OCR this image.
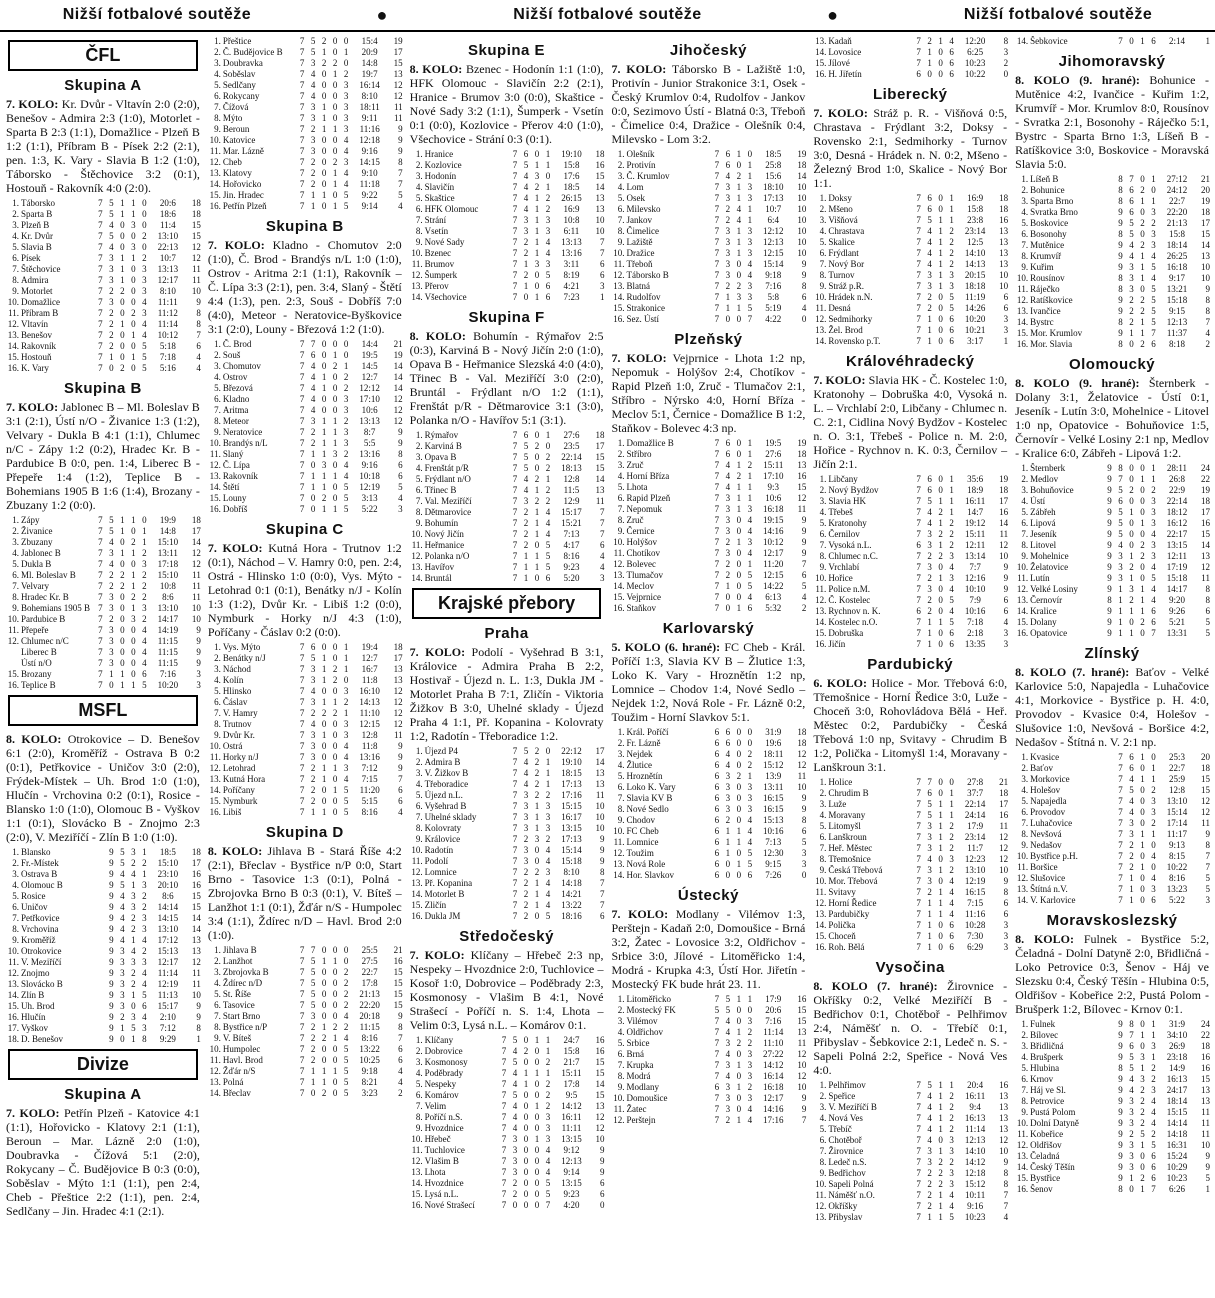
Nižší fotbalové soutěže	●	Nižší fotbalové soutěže	●	Nižší fotbalové soutěže
ČFL
Skupina A
7. KOLO: Kr. Dvůr - Vltavín 2:0 (2:0), Benešov - Admira 2:3 (1:0), Motorlet - Sparta B 2:3 (1:1), Domažlice - Plzeň B 1:2 (1:1), Příbram B - Písek 2:2 (2:1), pen. 1:3, K. Vary - Slavia B 1:2 (1:0), Táborsko - Štěchovice 3:2 (0:1), Hostouň - Rakovník 4:0 (2:0).
1.	Táborsko	7	5	1	1	0	20:6	18
2.	Sparta B	7	5	1	1	0	18:6	18
3.	Plzeň B	7	4	0	3	0	11:4	15
4.	Kr. Dvůr	7	5	0	0	2	13:10	15
5.	Slavia B	7	4	0	3	0	22:13	12
6.	Písek	7	3	1	1	2	10:7	12
7.	Štěchovice	7	3	1	0	3	13:13	11
8.	Admira	7	3	1	0	3	12:17	11
9.	Motorlet	7	2	2	0	3	8:10	10
10.	Domažlice	7	3	0	0	4	11:11	9
11.	Příbram B	7	2	0	2	3	11:12	8
12.	Vltavín	7	2	1	0	4	11:14	8
13.	Benešov	7	2	0	1	4	10:12	7
14.	Rakovník	7	2	0	0	5	5:18	6
15.	Hostouň	7	1	0	1	5	7:18	4
16.	K. Vary	7	0	2	0	5	5:16	4
Skupina B
7. KOLO: Jablonec B – Ml. Boleslav B 3:1 (2:1), Ústí n/O - Živanice 1:3 (1:2), Velvary - Dukla B 4:1 (1:1), Chlumec n/C - Zápy 1:2 (0:2), Hradec Kr. B - Pardubice B 0:0, pen. 1:4, Liberec B - Přepeře 1:4 (1:2), Teplice B - Bohemians 1905 B 1:6 (1:4), Brozany - Zbuzany 1:2 (0:0).
1.	Zápy	7	5	1	1	0	19:9	18
2.	Živanice	7	5	1	0	1	14:8	17
3.	Zbuzany	7	4	0	2	1	15:10	14
4.	Jablonec B	7	3	1	1	2	13:11	12
5.	Dukla B	7	4	0	0	3	17:18	12
6.	Ml. Boleslav B	7	2	2	1	2	15:10	11
7.	Velvary	7	2	2	1	2	10:8	11
8.	Hradec Kr. B	7	3	0	2	2	8:6	11
9.	Bohemians 1905 B	7	3	0	1	3	13:10	10
10.	Pardubice B	7	2	0	3	2	14:17	10
11.	Přepeře	7	3	0	0	4	14:19	9
12.	Chlumec n/C	7	3	0	0	4	11:15	9
	Liberec B	7	3	0	0	4	11:15	9
	Ústí n/O	7	3	0	0	4	11:15	9
15.	Brozany	7	1	1	0	6	7:16	3
16.	Teplice B	7	0	1	1	5	10:20	3
MSFL
8. KOLO: Otrokovice – D. Benešov 6:1 (2:0), Kroměříž - Ostrava B 0:2 (0:1), Petřkovice - Uničov 3:0 (2:0), Frýdek-Místek – Uh. Brod 1:0 (1:0), Hlučín - Vrchovina 0:2 (0:1), Rosice - Blansko 1:0 (1:0), Olomouc B - Vyškov 1:1 (0:1), Slovácko B - Znojmo 2:3 (2:0), V. Meziříčí - Zlín B 1:0 (1:0).
1.	Blansko	9	5	3	1	18:5	18
2.	Fr.-Místek	9	5	2	2	15:10	17
3.	Ostrava B	9	4	4	1	23:10	16
4.	Olomouc B	9	5	1	3	20:10	16
5.	Rosice	9	4	3	2	8:6	15
6.	Uničov	9	4	3	2	14:14	15
7.	Petřkovice	9	4	2	3	14:15	14
8.	Vrchovina	9	4	2	3	13:10	14
9.	Kroměříž	9	4	1	4	17:12	13
10.	Otrokovice	9	3	4	2	15:13	13
11.	V. Meziříčí	9	3	3	3	12:17	12
12.	Znojmo	9	3	2	4	11:14	11
13.	Slovácko B	9	3	2	4	12:19	11
14.	Zlín B	9	3	1	5	11:13	10
15.	Uh. Brod	9	3	0	6	15:17	9
16.	Hlučín	9	2	3	4	2:10	9
17.	Vyškov	9	1	5	3	7:12	8
18.	D. Benešov	9	0	1	8	9:29	1
Divize
Skupina A
7. KOLO: Petřín Plzeň - Katovice 4:1 (1:1), Hořovicko - Klatovy 2:1 (1:1), Beroun – Mar. Lázně 2:0 (1:0), Doubravka - Čížová 5:1 (2:0), Rokycany – Č. Budějovice B 0:3 (0:0), Soběslav - Mýto 1:1 (1:1), pen 2:4, Cheb - Přeštice 2:2 (1:1), pen. 2:4, Sedlčany – Jin. Hradec 4:1 (2:1).
1.	Přeštice	7	5	2	0	0	15:4	19
2.	Č. Budějovice B	7	5	1	0	1	20:9	17
3.	Doubravka	7	3	2	2	0	14:8	15
4.	Soběslav	7	4	0	1	2	19:7	13
5.	Sedlčany	7	4	0	0	3	16:14	12
6.	Rokycany	7	4	0	0	3	8:10	12
7.	Čížová	7	3	1	0	3	18:11	11
8.	Mýto	7	3	1	0	3	9:11	11
9.	Beroun	7	2	1	1	3	11:16	9
10.	Katovice	7	3	0	0	4	12:18	9
11.	Mar. Lázně	7	3	0	0	4	9:16	9
12.	Cheb	7	2	0	2	3	14:15	8
13.	Klatovy	7	2	0	1	4	9:10	7
14.	Hořovicko	7	2	0	1	4	11:18	7
15.	Jin. Hradec	7	1	1	0	5	9:22	5
16.	Petřín Plzeň	7	1	0	1	5	9:14	4
Skupina B
7. KOLO: Kladno - Chomutov 2:0 (1:0), Č. Brod - Brandýs n/L 1:0 (1:0), Ostrov - Aritma 2:1 (1:1), Rakovník – Č. Lípa 3:3 (2:1), pen. 3:4, Slaný - Štětí 4:4 (1:3), pen. 2:3, Souš - Dobříš 7:0 (4:0), Meteor - Neratovice-Byškovice 3:1 (2:0), Louny - Březová 1:2 (1:0).
1.	Č. Brod	7	7	0	0	0	14:4	21
2.	Souš	7	6	0	1	0	19:5	19
3.	Chomutov	7	4	0	2	1	14:5	14
4.	Ostrov	7	4	1	0	2	12:7	14
5.	Březová	7	4	1	0	2	12:12	14
6.	Kladno	7	4	0	0	3	17:10	12
7.	Aritma	7	4	0	0	3	10:6	12
8.	Meteor	7	3	1	1	2	13:13	12
9.	Neratovice	7	2	1	1	3	8:7	9
10.	Brandýs n/L	7	2	1	1	3	5:5	9
11.	Slaný	7	1	1	3	2	13:16	8
12.	Č. Lípa	7	0	3	0	4	9:16	6
13.	Rakovník	7	1	1	1	4	10:18	6
14.	Štětí	7	1	1	0	5	12:19	5
15.	Louny	7	0	2	0	5	3:13	4
16.	Dobříš	7	0	1	1	5	5:22	3
Skupina C
7. KOLO: Kutná Hora - Trutnov 1:2 (0:1), Náchod – V. Hamry 0:0, pen. 2:4, Ostrá - Hlinsko 1:0 (0:0), Vys. Mýto - Letohrad 0:1 (0:1), Benátky n/J - Kolín 1:3 (1:2), Dvůr Kr. - Libiš 1:2 (0:0), Nymburk - Horky n/J 4:3 (1:0), Poříčany - Čáslav 0:2 (0:0).
1.	Vys. Mýto	7	6	0	0	1	19:4	18
2.	Benátky n/J	7	5	1	0	1	12:7	17
3.	Náchod	7	3	1	2	1	16:7	13
4.	Kolín	7	3	1	2	0	11:8	13
5.	Hlinsko	7	4	0	0	3	16:10	12
6.	Čáslav	7	3	1	1	2	14:13	12
7.	V. Hamry	7	2	2	2	1	11:10	12
8.	Trutnov	7	4	0	0	3	12:15	12
9.	Dvůr Kr.	7	3	1	0	3	12:8	11
10.	Ostrá	7	3	0	0	4	11:8	9
11.	Horky n/J	7	3	0	0	4	13:16	9
12.	Letohrad	7	2	1	1	3	7:12	9
13.	Kutná Hora	7	2	1	0	4	7:15	7
14.	Poříčany	7	2	0	1	5	11:20	6
15.	Nymburk	7	2	0	0	5	5:15	6
16.	Libiš	7	1	1	0	5	8:16	4
Skupina D
8. KOLO: Jihlava B - Stará Říše 4:2 (2:1), Břeclav - Bystřice n/P 0:0, Start Brno - Tasovice 1:3 (0:1), Polná - Zbrojovka Brno B 0:3 (0:1), V. Bíteš – Lanžhot 1:1 (0:1), Žďár n/S - Humpolec 3:4 (1:1), Ždírec n/D – Havl. Brod 2:0 (1:0).
1.	Jihlava B	7	7	0	0	0	25:5	21
2.	Lanžhot	7	5	1	1	0	27:5	16
3.	Zbrojovka B	7	5	0	0	2	22:7	15
4.	Ždírec n/D	7	5	0	0	2	17:8	15
5.	St. Říše	7	5	0	0	2	21:13	15
6.	Tasovice	7	5	0	0	2	22:20	15
7.	Start Brno	7	3	0	0	4	20:18	9
8.	Bystřice n/P	7	2	1	2	2	11:15	8
9.	V. Bíteš	7	2	2	1	4	8:16	7
10.	Humpolec	7	2	0	0	5	13:22	6
11.	Havl. Brod	7	2	0	0	5	10:25	6
12.	Žďár n/S	7	1	1	1	5	9:18	4
13.	Polná	7	1	1	0	5	8:21	4
14.	Břeclav	7	0	2	0	5	3:23	2
Skupina E
8. KOLO: Bzenec - Hodonín 1:1 (1:0), HFK Olomouc - Slavičín 2:2 (2:1), Hranice - Brumov 3:0 (0:0), Skaštice - Nové Sady 3:2 (1:1), Šumperk - Vsetín 0:1 (0:0), Kozlovice - Přerov 4:0 (1:0), Všechovice - Strání 0:3 (0:1).
1.	Hranice	7	6	0	1	19:10	18
2.	Kozlovice	7	5	1	1	15:8	16
3.	Hodonín	7	4	3	0	17:6	15
4.	Slavičín	7	4	2	1	18:5	14
5.	Skaštice	7	4	1	2	26:15	13
6.	HFK Olomouc	7	4	1	2	16:9	13
7.	Strání	7	3	1	3	10:8	10
8.	Vsetín	7	3	1	3	6:11	10
9.	Nové Sady	7	2	1	4	13:13	7
10.	Bzenec	7	2	1	4	13:16	7
11.	Brumov	7	1	3	3	3:11	6
12.	Šumperk	7	2	0	5	8:19	6
13.	Přerov	7	1	0	6	4:21	3
14.	Všechovice	7	0	1	6	7:23	1
Skupina F
8. KOLO: Bohumín - Rýmařov 2:5 (0:3), Karviná B - Nový Jičín 2:0 (1:0), Opava B - Heřmanice Slezská 4:0 (4:0), Třinec B - Val. Meziříčí 3:0 (2:0), Bruntál - Frýdlant n/O 1:2 (1:1), Frenštát p/R - Dětmarovice 3:1 (3:0), Polanka n/O - Havířov 5:1 (3:1).
1.	Rýmařov	7	6	0	1	27:6	18
2.	Karviná B	7	5	2	0	23:5	17
3.	Opava B	7	5	0	2	22:14	15
4.	Frenštát p/R	7	5	0	2	18:13	15
5.	Frýdlant n/O	7	4	2	1	12:8	14
6.	Třinec B	7	4	1	2	11:5	13
7.	Val. Meziříčí	7	3	2	2	12:9	11
8.	Dětmarovice	7	2	1	4	15:17	7
9.	Bohumín	7	2	1	4	15:21	7
10.	Nový Jičín	7	2	1	4	7:13	7
11.	Heřmanice	7	2	0	5	4:17	6
12.	Polanka n/O	7	1	1	5	8:16	4
13.	Havířov	7	1	1	5	9:23	4
14.	Bruntál	7	1	0	6	5:20	3
Krajské přebory
Praha
7. KOLO: Podolí - Vyšehrad B 3:1, Královice - Admira Praha B 2:2, Hostivař - Újezd n. L. 1:3, Dukla JM - Motorlet Praha B 7:1, Zličín - Viktoria Žižkov B 3:0, Uhelné sklady - Újezd Praha 4 1:1, Př. Kopanina - Kolovraty 1:2, Radotín - Třeboradice 1:2.
1.	Újezd P4	7	5	2	0	22:12	17
2.	Admira B	7	4	2	1	19:10	14
3.	V. Žižkov B	7	4	2	1	18:15	13
4.	Třeboradice	7	4	2	1	17:13	13
5.	Újezd n.L.	7	3	2	2	17:16	11
6.	Vyšehrad B	7	3	1	3	15:15	10
7.	Uhelné sklady	7	3	1	3	16:17	10
8.	Kolovraty	7	3	1	3	13:15	10
9.	Královice	7	2	3	2	17:13	9
10.	Radotín	7	3	0	4	15:14	9
11.	Podolí	7	3	0	4	15:18	9
12.	Lomnice	7	2	2	3	8:10	8
13.	Př. Kopanina	7	2	1	4	14:18	7
14.	Motorlet B	7	2	1	4	14:21	7
15.	Zličín	7	2	1	4	13:22	7
16.	Dukla JM	7	2	0	5	18:16	6
Středočeský
7. KOLO: Klíčany – Hřebeč 2:3 np, Nespeky – Hvozdnice 2:0, Tuchlovice – Kosoř 1:0, Dobrovice – Poděbrady 2:3, Kosmonosy - Vlašim B 4:1, Nové Strašecí - Poříčí n. S. 1:4, Lhota – Velim 0:3, Lysá n.L. – Komárov 0:1.
1.	Klíčany	7	5	0	1	1	24:7	16
2.	Dobrovice	7	4	2	0	1	15:8	16
3.	Kosmonosy	7	5	0	0	2	21:7	15
4.	Poděbrady	7	4	1	1	1	15:11	15
5.	Nespeky	7	4	1	0	2	17:8	14
6.	Komárov	7	5	0	0	2	9:5	15
7.	Velim	7	4	0	1	2	14:12	13
8.	Poříčí n.S.	7	4	0	0	3	16:11	12
9.	Hvozdnice	7	4	0	0	3	11:11	12
10.	Hřebeč	7	3	0	1	3	13:15	10
11.	Tuchlovice	7	3	0	0	4	9:12	9
12.	Vlašim B	7	3	0	0	4	12:13	9
13.	Lhota	7	3	0	0	4	9:14	9
14.	Hvozdnice	7	2	0	0	5	13:15	6
15.	Lysá n.L.	7	2	0	0	5	9:23	6
16.	Nové Strašecí	7	0	0	0	7	4:20	0
Jihočeský
7. KOLO: Táborsko B - Lažiště 1:0, Protivín - Junior Strakonice 3:1, Osek - Český Krumlov 0:4, Rudolfov - Jankov 0:0, Sezimovo Ústí - Blatná 0:3, Třeboň - Čimelice 0:4, Dražice - Olešník 0:4, Milevsko - Lom 3:2.
1.	Olešník	7	6	1	0	18:5	19
2.	Protivín	7	6	0	1	25:8	18
3.	Č. Krumlov	7	4	2	1	15:6	14
4.	Lom	7	3	1	3	18:10	10
5.	Osek	7	3	1	3	17:13	10
6.	Milevsko	7	2	4	1	10:7	10
7.	Jankov	7	2	4	1	6:4	10
8.	Čimelice	7	3	1	3	12:12	10
9.	Lažiště	7	3	1	3	12:13	10
10.	Dražice	7	3	1	3	12:15	10
11.	Třeboň	7	3	0	4	15:14	9
12.	Táborsko B	7	3	0	4	9:18	9
13.	Blatná	7	2	2	3	7:16	8
14.	Rudolfov	7	1	3	3	5:8	6
15.	Strakonice	7	1	1	5	5:19	4
16.	Sez. Ústí	7	0	0	7	4:22	0
Plzeňský
7. KOLO: Vejprnice - Lhota 1:2 np, Nepomuk - Holýšov 2:4, Chotíkov - Rapid Plzeň 1:0, Zruč - Tlumačov 2:1, Stříbro - Nýrsko 4:0, Horní Bříza - Meclov 5:1, Černice - Domažlice B 1:2, Staňkov - Bolevec 4:3 np.
1.	Domažlice B	7	6	0	1	19:5	19
2.	Stříbro	7	6	0	1	27:6	18
3.	Zruč	7	4	1	2	15:11	13
4.	Horní Bříza	7	4	2	1	17:10	16
5.	Lhota	7	4	1	1	9:3	15
6.	Rapid Plzeň	7	3	1	1	10:6	12
7.	Nepomuk	7	3	1	3	16:18	11
8.	Zruč	7	3	0	4	19:15	9
9.	Černice	7	3	0	4	14:16	9
10.	Holýšov	7	2	1	3	10:12	9
11.	Chotíkov	7	3	0	4	12:17	9
12.	Bolevec	7	2	0	1	11:20	7
13.	Tlumačov	7	2	0	5	12:15	6
14.	Meclov	7	1	0	5	14:22	5
15.	Vejprnice	7	0	0	4	6:13	4
16.	Staňkov	7	0	1	6	5:32	2
Karlovarský
5. KOLO (6. hrané): FC Cheb - Král. Poříčí 1:3, Slavia KV B – Žlutice 1:3, Loko K. Vary - Hroznětín 1:2 np, Lomnice – Chodov 1:4, Nové Sedlo – Nejdek 1:2, Nová Role - Fr. Lázně 0:2, Toužim - Horní Slavkov 5:1.
1.	Král. Poříčí	6	6	0	0	31:9	18
2.	Fr. Lázně	6	6	0	0	19:6	18
3.	Nejdek	6	4	0	2	18:11	12
4.	Žlutice	6	4	0	2	15:12	12
5.	Hroznětín	6	3	2	1	13:9	11
6.	Loko K. Vary	6	3	0	3	13:11	10
7.	Slavia KV B	6	3	0	3	16:15	9
8.	Nové Sedlo	6	3	0	3	16:15	9
9.	Chodov	6	2	0	4	15:13	8
10.	FC Cheb	6	1	1	4	10:16	6
11.	Lomnice	6	1	1	4	7:13	5
12.	Toužim	6	1	0	5	12:30	3
13.	Nová Role	6	0	1	5	9:15	3
14.	Hor. Slavkov	6	0	0	6	7:26	0
Ústecký
7. KOLO: Modlany - Vilémov 1:3, Perštejn - Kadaň 2:0, Domoušice - Brná 3:2, Žatec - Lovosice 3:2, Oldřichov - Srbice 3:0, Jílové - Litoměřicko 1:4, Modrá - Krupka 4:3, Ústí Hor. Jiřetín - Mostecký FK bude hrát 23. 11.
1.	Litoměřicko	7	5	1	1	17:9	16
2.	Mostecký FK	5	5	0	0	20:6	15
3.	Vilémov	7	4	0	3	7:16	15
4.	Oldřichov	7	4	1	2	11:14	13
5.	Srbice	7	3	2	2	11:10	11
6.	Brná	7	4	0	3	27:22	12
7.	Krupka	7	3	1	3	14:12	10
8.	Modrá	7	4	0	3	16:14	12
9.	Modlany	6	3	1	2	16:18	10
10.	Domoušice	7	3	0	3	12:17	9
11.	Žatec	7	3	0	4	14:16	9
12.	Perštejn	7	2	1	4	17:16	7
13.	Kadaň	7	2	1	4	12:20	8
14.	Lovosice	7	1	0	6	6:25	3
15.	Jílové	7	1	0	6	10:23	2
16.	H. Jiřetín	6	0	0	6	10:22	0
Liberecký
7. KOLO: Stráž p. R. - Višňová 0:5, Chrastava - Frýdlant 3:2, Doksy - Rovensko 2:1, Sedmihorky - Turnov 3:0, Desná - Hrádek n. N. 0:2, Mšeno - Železný Brod 1:0, Skalice - Nový Bor 1:1.
1.	Doksy	7	6	0	1	16:9	18
2.	Mšeno	7	6	0	1	15:8	18
3.	Višňová	7	5	1	1	23:8	16
4.	Chrastava	7	4	1	2	23:14	13
5.	Skalice	7	4	1	2	12:5	13
6.	Frýdlant	7	4	1	2	14:10	13
7.	Nový Bor	7	4	1	2	14:13	13
8.	Turnov	7	3	1	3	20:15	10
9.	Stráž p.R.	7	3	1	3	18:18	10
10.	Hrádek n.N.	7	2	0	5	11:19	6
11.	Desná	7	2	0	5	14:26	6
12.	Sedmihorky	7	1	0	6	10:20	3
13.	Žel. Brod	7	1	0	6	10:21	3
14.	Rovensko p.T.	7	1	0	6	3:17	1
Královéhradecký
7. KOLO: Slavia HK - Č. Kostelec 1:0, Kratonohy – Dobruška 4:0, Vysoká n. L. – Vrchlabí 2:0, Libčany - Chlumec n. C. 2:1, Cidlina Nový Bydžov - Kostelec n. O. 3:1, Třebeš - Police n. M. 2:0, Hořice - Rychnov n. K. 0:3, Černilov – Jičín 2:1.
1.	Libčany	7	6	0	1	35:6	19
2.	Nový Bydžov	7	6	0	1	18:9	18
3.	Slavia HK	7	5	1	1	16:11	17
4.	Třebeš	7	4	2	1	14:7	16
5.	Kratonohy	7	4	1	2	19:12	14
6.	Černilov	7	3	2	2	15:11	11
7.	Vysoká n.L.	6	3	1	2	12:11	12
8.	Chlumec n.C.	7	2	2	3	13:14	10
9.	Vrchlabí	7	3	0	4	7:7	9
10.	Hořice	7	2	1	3	12:16	9
11.	Police n.M.	7	3	0	4	10:10	9
12.	Č. Kostelec	7	2	0	5	7:9	6
13.	Rychnov n. K.	6	2	0	4	10:16	6
14.	Kostelec n.O.	7	1	1	5	7:18	4
15.	Dobruška	7	1	0	6	2:18	3
16.	Jičín	7	1	0	6	13:35	3
Pardubický
6. KOLO: Holice - Mor. Třebová 6:0, Třemošnice - Horní Ředice 3:0, Luže - Choceň 3:0, Rohovládova Bělá - Heř. Městec 0:2, Pardubičky - Česká Třebová 1:0 np, Svitavy - Chrudim B 1:2, Polička - Litomyšl 1:4, Moravany - Lanškroun 3:1.
1.	Holice	7	7	0	0	27:8	21
2.	Chrudim B	7	6	0	1	37:7	18
3.	Luže	7	5	1	1	22:14	17
4.	Moravany	7	5	1	1	24:14	16
5.	Litomyšl	7	3	1	2	17:9	11
6.	Lanškroun	7	3	1	2	23:14	12
7.	Heř. Městec	7	3	1	2	11:7	12
8.	Třemošnice	7	4	0	3	12:23	12
9.	Česká Třebová	7	3	1	2	13:10	10
10.	Mor. Třebová	7	3	0	4	12:19	9
11.	Svitavy	7	2	1	4	16:15	8
12.	Horní Ředice	7	1	1	4	7:15	6
13.	Pardubičky	7	1	1	4	11:16	6
14.	Polička	7	1	0	6	10:28	3
15.	Choceň	7	1	0	6	7:30	3
16.	Roh. Bělá	7	1	0	6	6:29	3
Vysočina
8. KOLO (7. hrané): Žirovnice - Okříšky 0:2, Velké Meziříčí B - Bedřichov 0:1, Chotěboř - Pelhřimov 2:4, Náměšť n. O. - Třebíč 0:1, Přibyslav - Šebkovice 2:1, Ledeč n. S. - Sapeli Polná 2:2, Speřice - Nová Ves 4:0.
1.	Pelhřimov	7	5	1	1	20:4	16
2.	Speřice	7	4	1	2	16:11	13
3.	V. Meziříčí B	7	4	1	2	9:4	13
4.	Nová Ves	7	4	1	2	16:13	13
5.	Třebíč	7	4	1	2	11:14	13
6.	Chotěboř	7	4	0	3	12:13	12
7.	Žirovnice	7	3	1	3	14:10	10
8.	Ledeč n.S.	7	3	2	2	14:12	9
9.	Bedřichov	7	2	2	3	12:18	8
10.	Sapeli Polná	7	2	2	3	15:12	8
11.	Náměšť n.O.	7	2	1	4	10:11	7
12.	Okříšky	7	2	1	4	9:16	7
13.	Přibyslav	7	1	1	5	10:23	4
14.	Šebkovice	7	0	1	6	2:14	1
Jihomoravský
8. KOLO (9. hrané): Bohunice - Mutěnice 4:2, Ivančice - Kuřim 1:2, Krumvíř - Mor. Krumlov 8:0, Rousínov - Svratka 2:1, Bosonohy - Ráječko 5:1, Bystrc - Sparta Brno 1:3, Líšeň B - Ratíškovice 3:0, Boskovice - Moravská Slavia 5:0.
1.	Líšeň B	8	7	0	1	27:12	21
2.	Bohunice	8	6	2	0	24:12	20
3.	Sparta Brno	8	6	1	1	22:7	19
4.	Svratka Brno	9	6	0	3	22:20	18
5.	Boskovice	9	5	2	2	21:13	17
6.	Bosonohy	8	5	0	3	15:8	15
7.	Mutěnice	9	4	2	3	18:14	14
8.	Krumvíř	9	4	1	4	26:25	13
9.	Kuřim	9	3	1	5	16:18	10
10.	Rousínov	8	3	1	4	9:17	10
11.	Ráječko	8	3	0	5	13:21	9
12.	Ratíškovice	9	2	2	5	15:18	8
13.	Ivančice	9	2	2	5	9:15	8
14.	Bystrc	8	2	1	5	12:13	7
15.	Mor. Krumlov	9	1	1	7	11:37	4
16.	Mor. Slavia	8	0	2	6	8:18	2
Olomoucký
8. KOLO (9. hrané): Šternberk - Dolany 3:1, Želatovice - Ústí 0:1, Jeseník - Lutín 3:0, Mohelnice - Litovel 1:0 np, Opatovice - Bohuňovice 1:5, Černovír - Velké Losiny 2:1 np, Medlov - Kralice 6:0, Zábřeh - Lipová 1:2.
1.	Šternberk	9	8	0	0	1	28:11	24
2.	Medlov	9	7	0	1	1	26:8	22
3.	Bohuňovice	9	5	2	0	2	22:9	19
4.	Ústí	9	6	0	0	3	22:14	18
5.	Zábřeh	9	5	1	0	3	18:12	17
6.	Lipová	9	5	0	1	3	16:12	16
7.	Jeseník	9	5	0	0	4	22:17	15
8.	Litovel	9	4	0	2	3	13:15	14
9.	Mohelnice	9	3	1	2	3	12:11	13
10.	Želatovice	9	3	2	0	4	17:19	12
11.	Lutín	9	3	1	0	5	15:18	11
12.	Velké Losiny	9	1	3	1	4	14:17	8
13.	Černovír	8	1	2	1	4	9:20	8
14.	Kralice	9	1	1	1	6	9:26	6
15.	Dolany	9	1	0	2	6	5:21	5
16.	Opatovice	9	1	1	0	7	13:31	5
Zlínský
8. KOLO (7. hrané): Baťov - Velké Karlovice 5:0, Napajedla - Luhačovice 4:1, Morkovice - Bystřice p. H. 4:0, Provodov - Kvasice 0:4, Holešov - Slušovice 1:0, Nevšová - Boršice 4:2, Nedašov - Štítná n. V. 2:1 np.
1.	Kvasice	7	6	1	0	25:3	20
2.	Baťov	7	6	0	1	22:7	18
3.	Morkovice	7	4	1	1	25:9	15
4.	Holešov	7	5	0	2	12:8	15
5.	Napajedla	7	4	0	3	13:10	12
6.	Provodov	7	4	0	3	15:14	12
7.	Luhačovice	7	3	0	2	17:14	11
8.	Nevšová	7	3	1	1	11:17	9
9.	Nedašov	7	2	1	0	9:13	8
10.	Bystřice p.H.	7	2	0	4	8:15	7
11.	Boršice	7	2	1	0	10:22	7
12.	Slušovice	7	1	0	4	8:16	5
13.	Štítná n.V.	7	1	0	3	13:23	5
14.	V. Karlovice	7	1	0	6	5:22	3
Moravskoslezský
8. KOLO: Fulnek - Bystřice 5:2, Čeladná - Dolní Datyně 2:0, Břidličná - Loko Petrovice 0:3, Šenov - Háj ve Slezsku 0:4, Český Těšín - Hlubina 0:5, Oldřišov - Kobeřice 2:2, Pustá Polom - Brušperk 1:2, Bílovec - Krnov 0:1.
1.	Fulnek	9	8	0	1	31:9	24
2.	Bílovec	9	7	1	1	34:10	22
3.	Břidličná	9	6	0	3	26:9	18
4.	Brušperk	9	5	3	1	23:18	16
5.	Hlubina	8	5	1	2	14:9	16
6.	Krnov	9	4	3	2	16:13	15
7.	Háj ve Sl.	9	4	2	3	24:17	13
8.	Petrovice	9	3	2	4	18:14	13
9.	Pustá Polom	9	3	2	4	15:15	11
10.	Dolní Datyně	9	3	2	4	14:14	11
11.	Kobeřice	9	2	5	2	14:18	11
12.	Oldřišov	9	3	1	5	16:31	10
13.	Čeladná	9	3	0	6	15:24	9
14.	Český Těšín	9	3	0	6	10:29	9
15.	Bystřice	9	1	2	6	10:23	5
16.	Šenov	8	0	1	7	6:26	1
